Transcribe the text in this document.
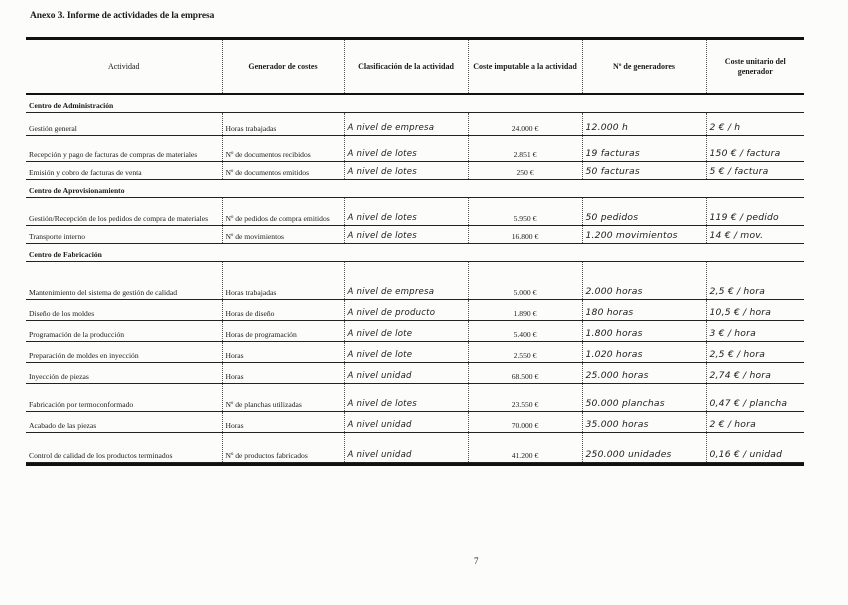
Anexo 3. Informe de actividades de la empresa
Actividad	Generador de costes	Clasificación de la actividad	Coste imputable a la actividad	Nº de generadores	Coste unitario del generador
Centro de Administración					
Gestión general	Horas trabajadas	A nivel de empresa	24.000 €	12.000 h	2 € / h
Recepción y pago de facturas de compras de materiales	Nº de documentos recibidos	A nivel de lotes	2.851 €	19 facturas	150 € / factura
Emisión y cobro de facturas de venta	Nº de documentos emitidos	A nivel de lotes	250 €	50 facturas	5 € / factura
Centro de Aprovisionamiento					
Gestión/Recepción de los pedidos de compra de materiales	Nº de pedidos de compra emitidos	A nivel de lotes	5.950 €	50 pedidos	119 € / pedido
Transporte interno	Nº de movimientos	A nivel de lotes	16.800 €	1.200 movimientos	14 € / mov.
Centro de Fabricación					
Mantenimiento del sistema de gestión de calidad	Horas trabajadas	A nivel de empresa	5.000 €	2.000 horas	2,5 € / hora
Diseño de los moldes	Horas de diseño	A nivel de producto	1.890 €	180 horas	10,5 € / hora
Programación de la producción	Horas de programación	A nivel de lote	5.400 €	1.800 horas	3 € / hora
Preparación de moldes en inyección	Horas	A nivel de lote	2.550 €	1.020 horas	2,5 € / hora
Inyección de piezas	Horas	A nivel unidad	68.500 €	25.000 horas	2,74 € / hora
Fabricación por termoconformado	Nº de planchas utilizadas	A nivel de lotes	23.550 €	50.000 planchas	0,47 € / plancha
Acabado de las piezas	Horas	A nivel unidad	70.000 €	35.000 horas	2 € / hora
Control de calidad de los productos terminados	Nº de productos fabricados	A nivel unidad	41.200 €	250.000 unidades	0,16 € / unidad
7
